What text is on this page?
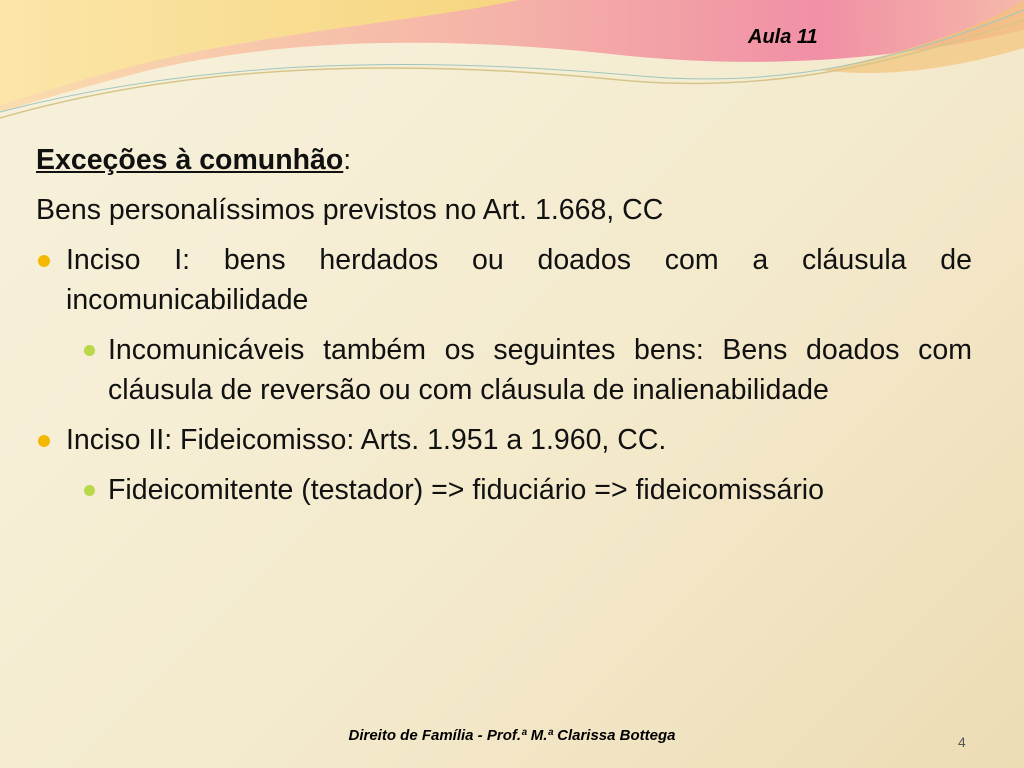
Aula 11
Exceções à comunhão:
Bens personalíssimos previstos no Art. 1.668, CC
Inciso I: bens herdados ou doados com a cláusula de incomunicabilidade
Incomunicáveis também os seguintes bens: Bens doados com cláusula de reversão ou com cláusula de inalienabilidade
Inciso II: Fideicomisso: Arts. 1.951 a 1.960, CC.
Fideicomitente (testador) => fiduciário => fideicomissário
Direito de Família - Prof.ª M.ª Clarissa Bottega	4
